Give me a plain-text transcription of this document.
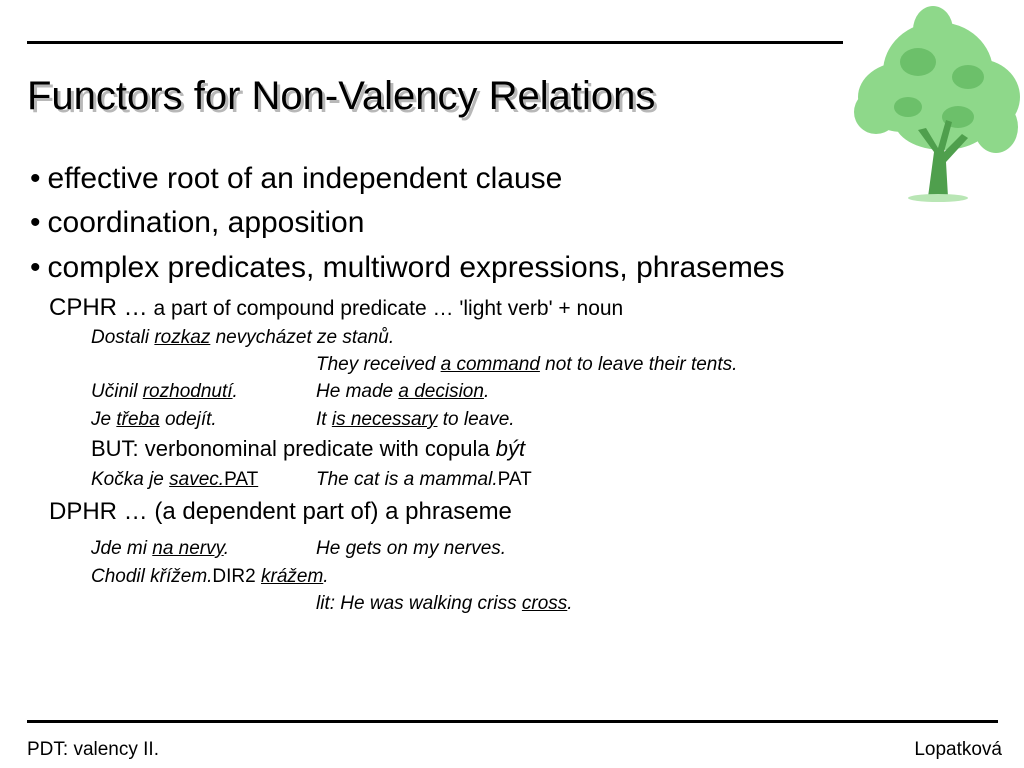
Functors for Non-Valency Relations
• effective root of an independent clause
• coordination, apposition
• complex predicates, multiword expressions, phrasemes
CPHR … a part of compound predicate … 'light verb' + noun
Dostali rozkaz nevycházet ze stanů.
They received a command not to leave their tents.
Učinil rozhodnutí.	He made a decision.
Je třeba odejít.	It is necessary to leave.
BUT: verbonominal predicate with copula být
Kočka je savec.PAT	The cat is a mammal.PAT
DPHR … (a dependent part of) a phraseme
Jde mi na nervy.	He gets on my nerves.
Chodil křížem.DIR2 krážem.
lit: He was walking criss cross.
PDT: valency II.	Lopatková
